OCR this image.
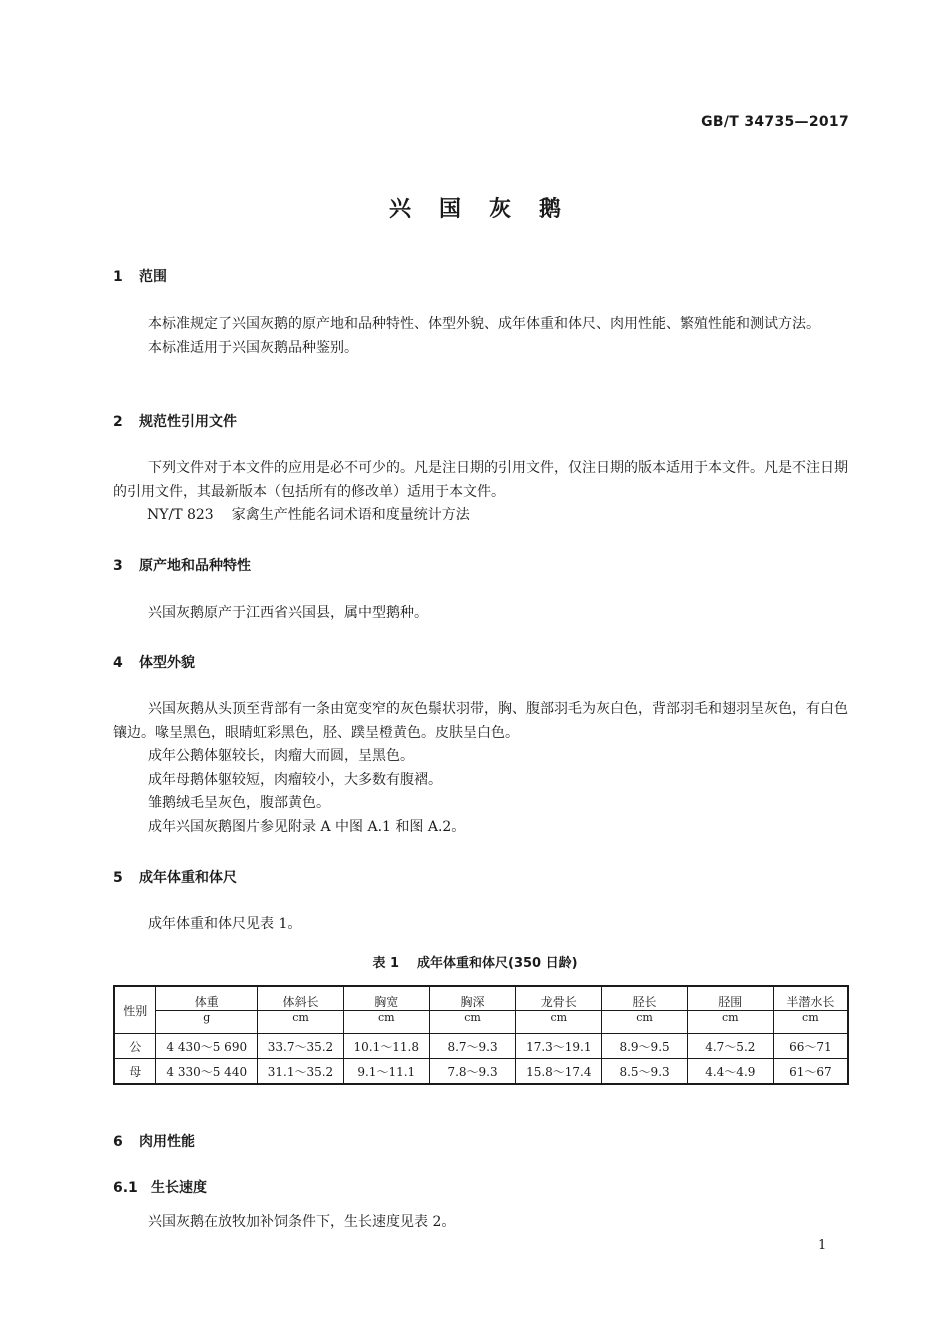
GB/T 34735—2017
兴国灰鹅
1 范围

本标准规定了兴国灰鹅的原产地和品种特性、体型外貌、成年体重和体尺、肉用性能、繁殖性能和测试方法。

本标准适用于兴国灰鹅品种鉴别。

2 规范性引用文件

下列文件对于本文件的应用是必不可少的。凡是注日期的引用文件，仅注日期的版本适用于本文件。凡是不注日期的引用文件，其最新版本（包括所有的修改单）适用于本文件。

NY/T 823 家禽生产性能名词术语和度量统计方法
3 原产地和品种特性

兴国灰鹅原产于江西省兴国县，属中型鹅种。

4 体型外貌

兴国灰鹅从头顶至背部有一条由宽变窄的灰色鬃状羽带，胸、腹部羽毛为灰白色，背部羽毛和翅羽呈灰色，有白色镶边。喙呈黑色，眼睛虹彩黑色，胫、蹼呈橙黄色。皮肤呈白色。

成年公鹅体躯较长，肉瘤大而圆，呈黑色。

成年母鹅体躯较短，肉瘤较小，大多数有腹褶。

雏鹅绒毛呈灰色，腹部黄色。

成年兴国灰鹅图片参见附录 A 中图 A.1 和图 A.2。

5 成年体重和体尺

成年体重和体尺见表 1。

表 1 成年体重和体尺(350 日龄)
性别	体重	体斜长	胸宽	胸深	龙骨长	胫长	胫围	半潜水长
	g	cm	cm	cm	cm	cm	cm	cm
公	4 430～5 690	33.7～35.2	10.1～11.8	8.7～9.3	17.3～19.1	8.9～9.5	4.7～5.2	66～71
母	4 330～5 440	31.1～35.2	9.1～11.1	7.8～9.3	15.8～17.4	8.5～9.3	4.4～4.9	61～67
6 肉用性能
6.1 生长速度

兴国灰鹅在放牧加补饲条件下，生长速度见表 2。

1
